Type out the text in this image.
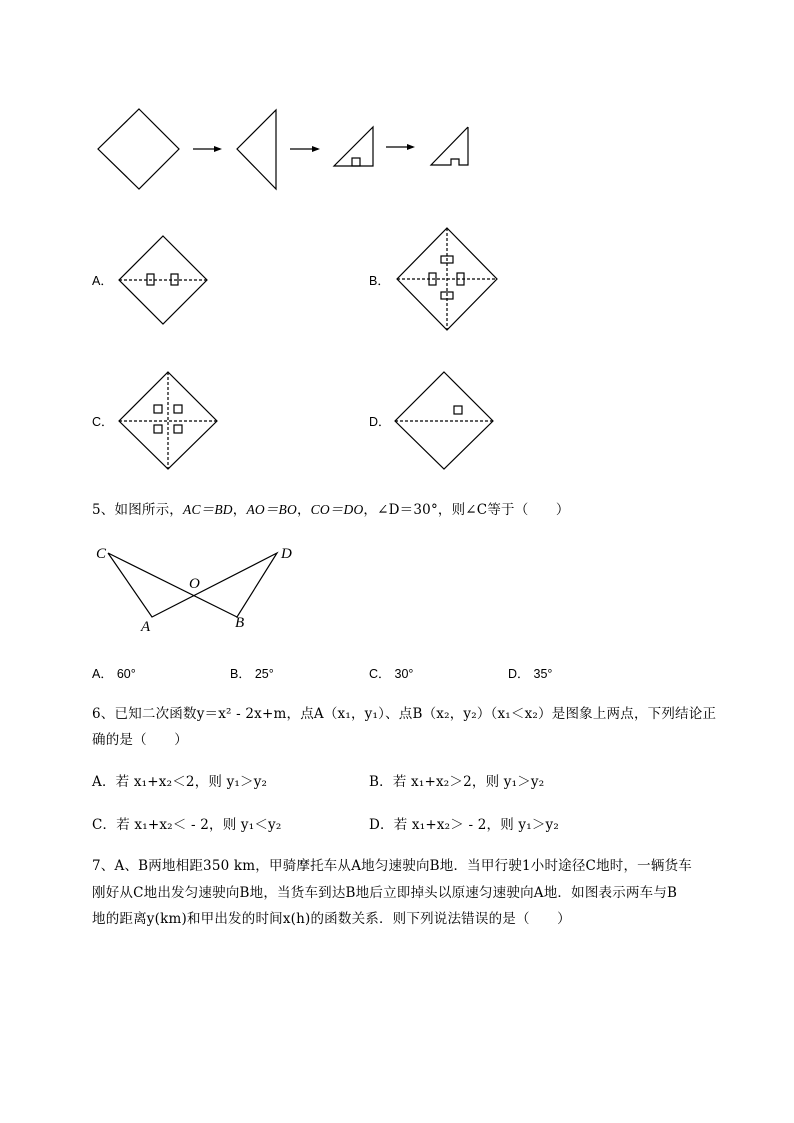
A．	B．
C．	D．
5、如图所示，AC＝BD，AO＝BO，CO＝DO，∠D＝30°，则∠C等于（　　）
C	D
O
A	B
A． 60°	B． 25°	C． 30°	D． 35°
6、已知二次函数y＝x² - 2x+m，点A（x₁，y₁）、点B（x₂，y₂）（x₁＜x₂）是图象上两点，下列结论正
确的是（　　）
A．若 x₁+x₂＜2，则 y₁＞y₂	B．若 x₁+x₂＞2，则 y₁＞y₂
C．若 x₁+x₂＜ - 2，则 y₁＜y₂	D．若 x₁+x₂＞ - 2，则 y₁＞y₂
7、A、B两地相距350 km，甲骑摩托车从A地匀速驶向B地．当甲行驶1小时途径C地时，一辆货车
刚好从C地出发匀速驶向B地，当货车到达B地后立即掉头以原速匀速驶向A地．如图表示两车与B
地的距离y(km)和甲出发的时间x(h)的函数关系．则下列说法错误的是（　　）
